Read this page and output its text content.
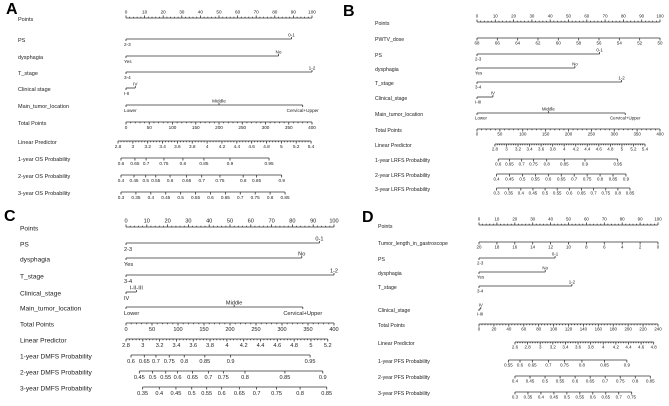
A
Points
0	10	20	30	40	50	60	70	80	90	100
PS
2-3
0-1
dysphagia
Yes
No
T_stage
3-4
1-2
Clinical stage
I-II
IV
Main_tumor_location
Lower
Middle
Cervical+Upper
Total Points
0	50	100	150	200	250	300	350	400
Linear Predictor
2.8 3 3.2 3.4 3.6 3.8 4 4.2 4.4 4.6 4.8 5 5.2 5.4
1-year OS Probability
0.6 0.65 0.7 0.75 0.8	0.85	0.9	0.95
2-year OS Probability
0.4 0.45 0.5 0.55 0.6 0.65 0.7 0.75	0.8 0.85	0.9
3-year OS Probability
0.3 0.35 0.4 0.45 0.5 0.55 0.6 0.65 0.7 0.75 0.8 0.85
B
Points
0	10	20	30	40	50	60	70	80	90	100
PWTV_dose
68	66	64	62	60	58	56	54	52	50
PS
2-3
0-1
dysphagia
Yes
No
T_stage
3-4
1-2
Clinical_stage
I-III
IV
Main_tumor_location
Lower
Middle
Cervical+Upper
Total Points
0	50	100	150	200	250	300	350	400
Linear Predictor
2.8 3 3.2 3.4 3.6 3.8 4 4.2 4.4 4.6 4.8 5 5.2 5.4
1-year LRFS Probability
0.6 0.65 0.7 0.75 0.8 0.85	0.9	0.95
2-year LRFS Probability
0.4 0.45 0.5 0.55 0.6 0.65 0.7 0.75 0.8 0.85 0.9
3-year LRFS Probability
0.3 0.35 0.4 0.45 0.5 0.55 0.6 0.65 0.7 0.75 0.8 0.85
C
Points
0	10	20	30	40	50	60	70	80	90 100
PS
2-3
0-1
dysphagia
Yes
No
T_stage
3-4
1-2
Clinical_stage
IV
I-II-III
Main_tumor_location
Lower
Middle
Cervical+Upper
Total Points
0	50	100	150	200	250	300	350	400
Linear Predictor
2.8 3 3.2 3.4 3.6 3.8 4 4.2 4.4 4.6 4.8 5 5.2
1-year DMFS Probability
0.6 0.65 0.7 0.75 0.8 0.85	0.9	0.95
2-year DMFS Probability
0.45 0.5 0.55 0.6 0.65 0.7 0.75 0.8	0.85	0.9
3-year DMFS Probability
0.35 0.4 0.45 0.5 0.55 0.6 0.65 0.7 0.75	0.8	0.85
D
Points
0	10	20	30	40	50	60	70	80	90	100
Tumor_length_in_gastroscope
20	18	16	14	12	10	8	6	4	2	0
PS
2-3
0-1
dysphagia
Yes
No
T_stage
3-4
1-2
Clinical_stage
I-III
IV
Total Points
0	20 40 60 80 100 120 140 160 180 200 220 240
Linear Predictor
2.6 2.8 3 3.2 3.4 3.6 3.8 4 4.2 4.4 4.6 4.8
1-year PFS Probability
0.55 0.6 0.65 0.7 0.75 0.8	0.85	0.9
2-year PFS Probability
0.4 0.45 0.5 0.55 0.6 0.65 0.7 0.75 0.8 0.85
3-year PFS Probability
0.3 0.35 0.4 0.45 0.5 0.55 0.6 0.65 0.7 0.75
